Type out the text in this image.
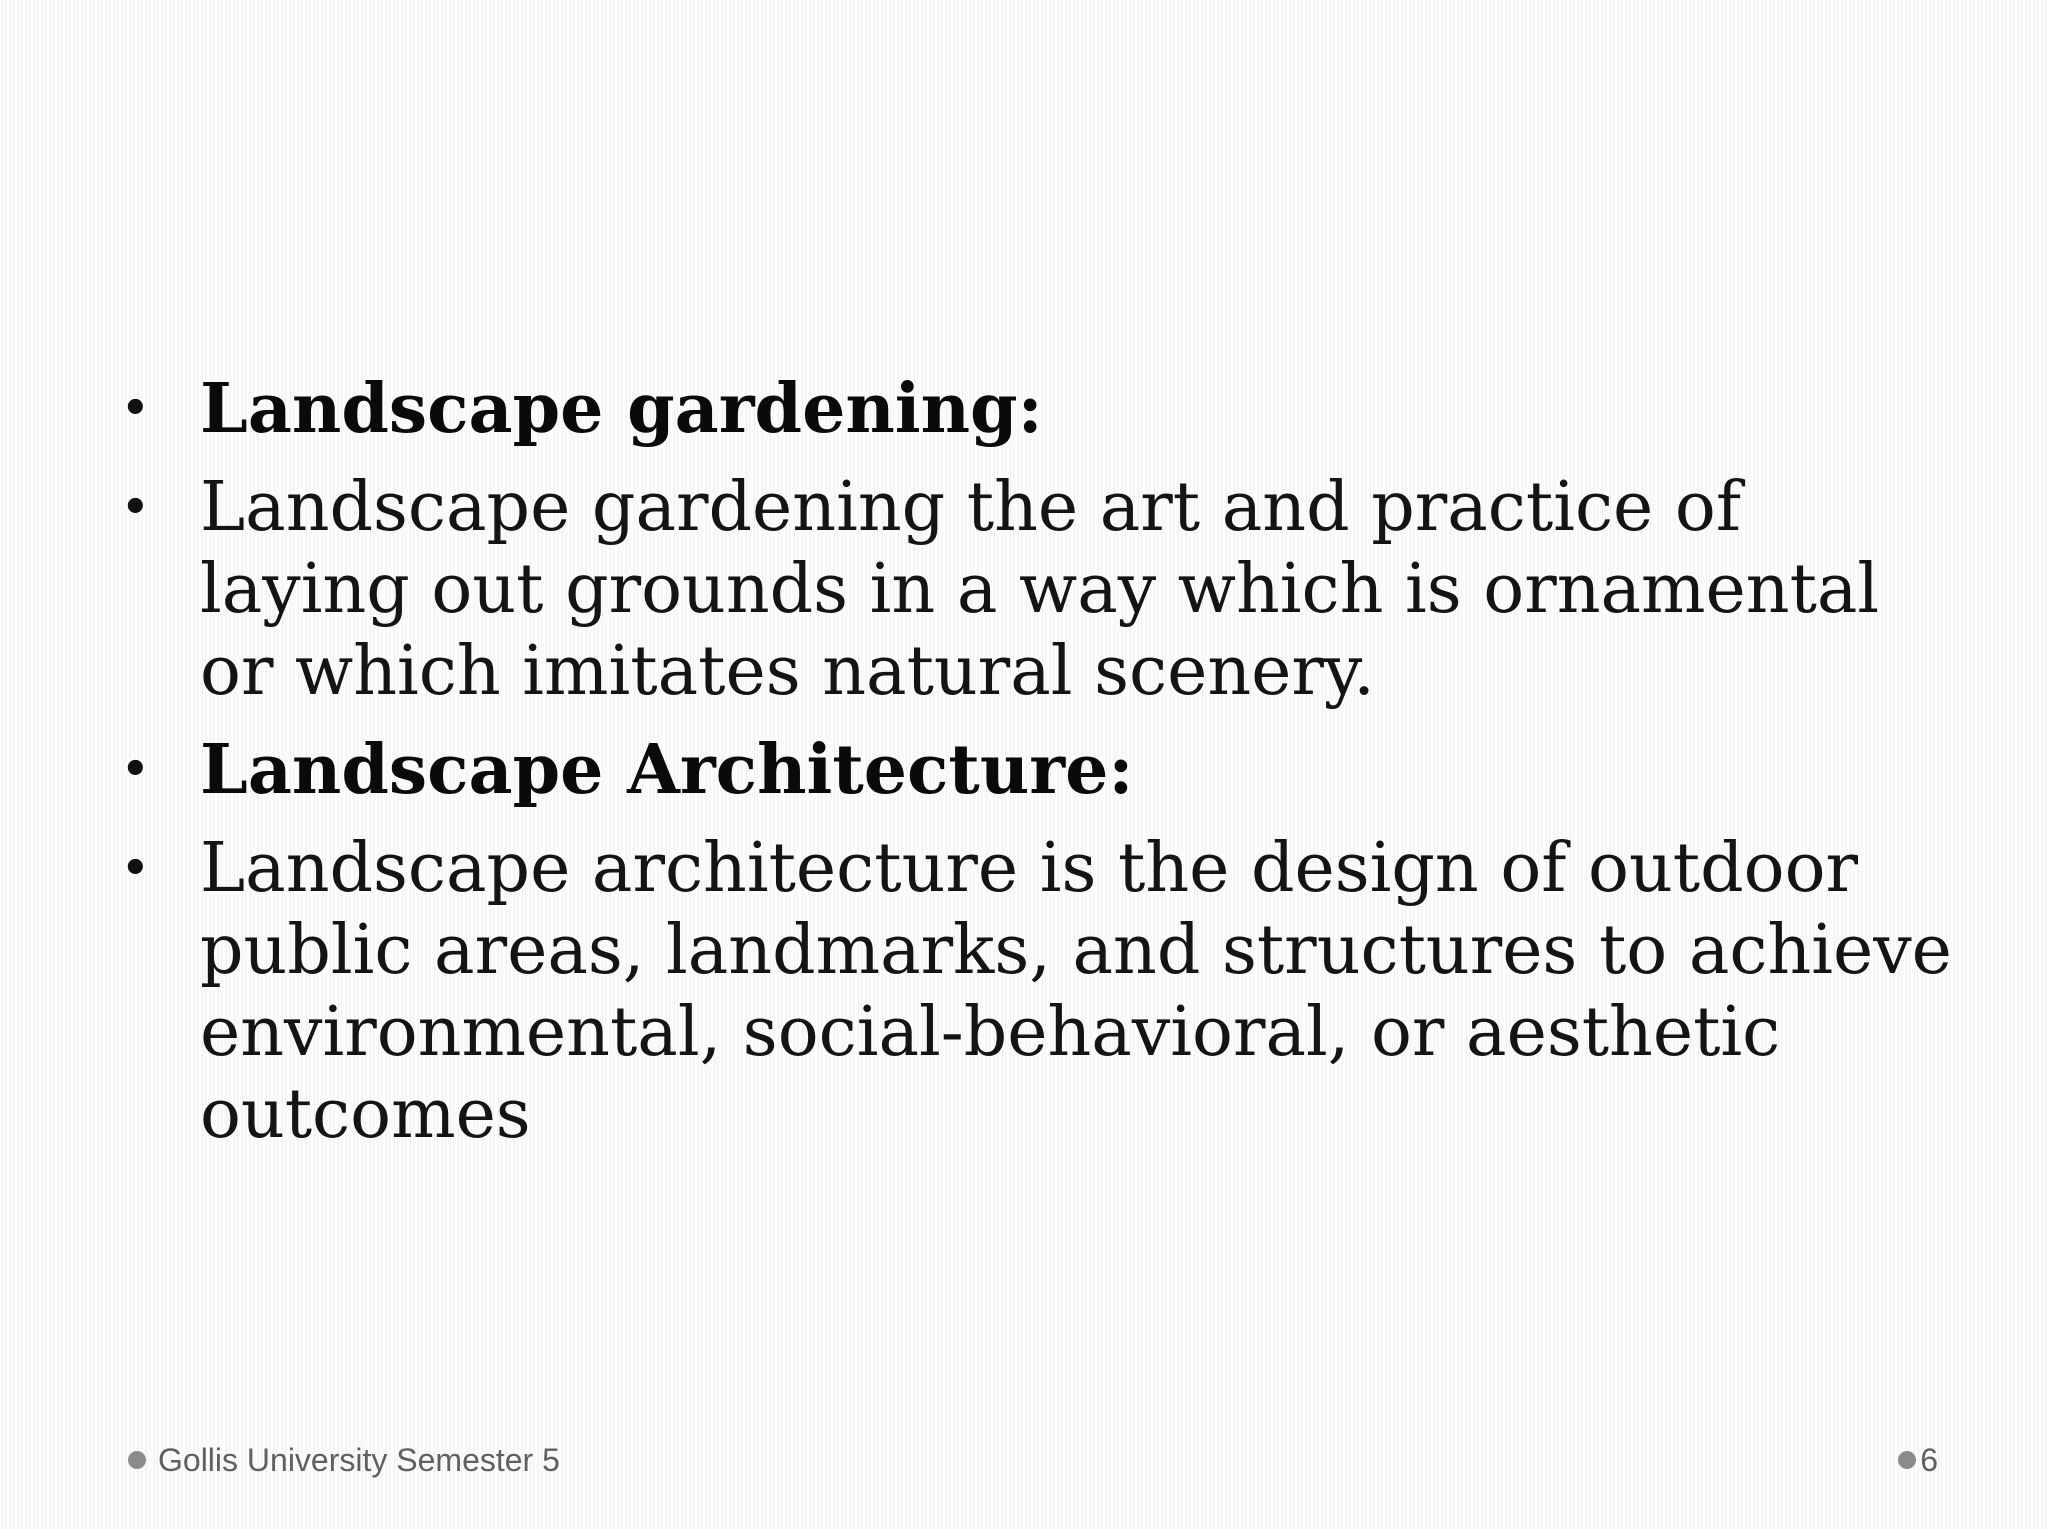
• Landscape gardening:
• Landscape gardening the art and practice of laying out grounds in a way which is ornamental or which imitates natural scenery.
• Landscape Architecture:
• Landscape architecture is the design of outdoor public areas, landmarks, and structures to achieve environmental, social-behavioral, or aesthetic outcomes
Gollis University Semester 5	6
